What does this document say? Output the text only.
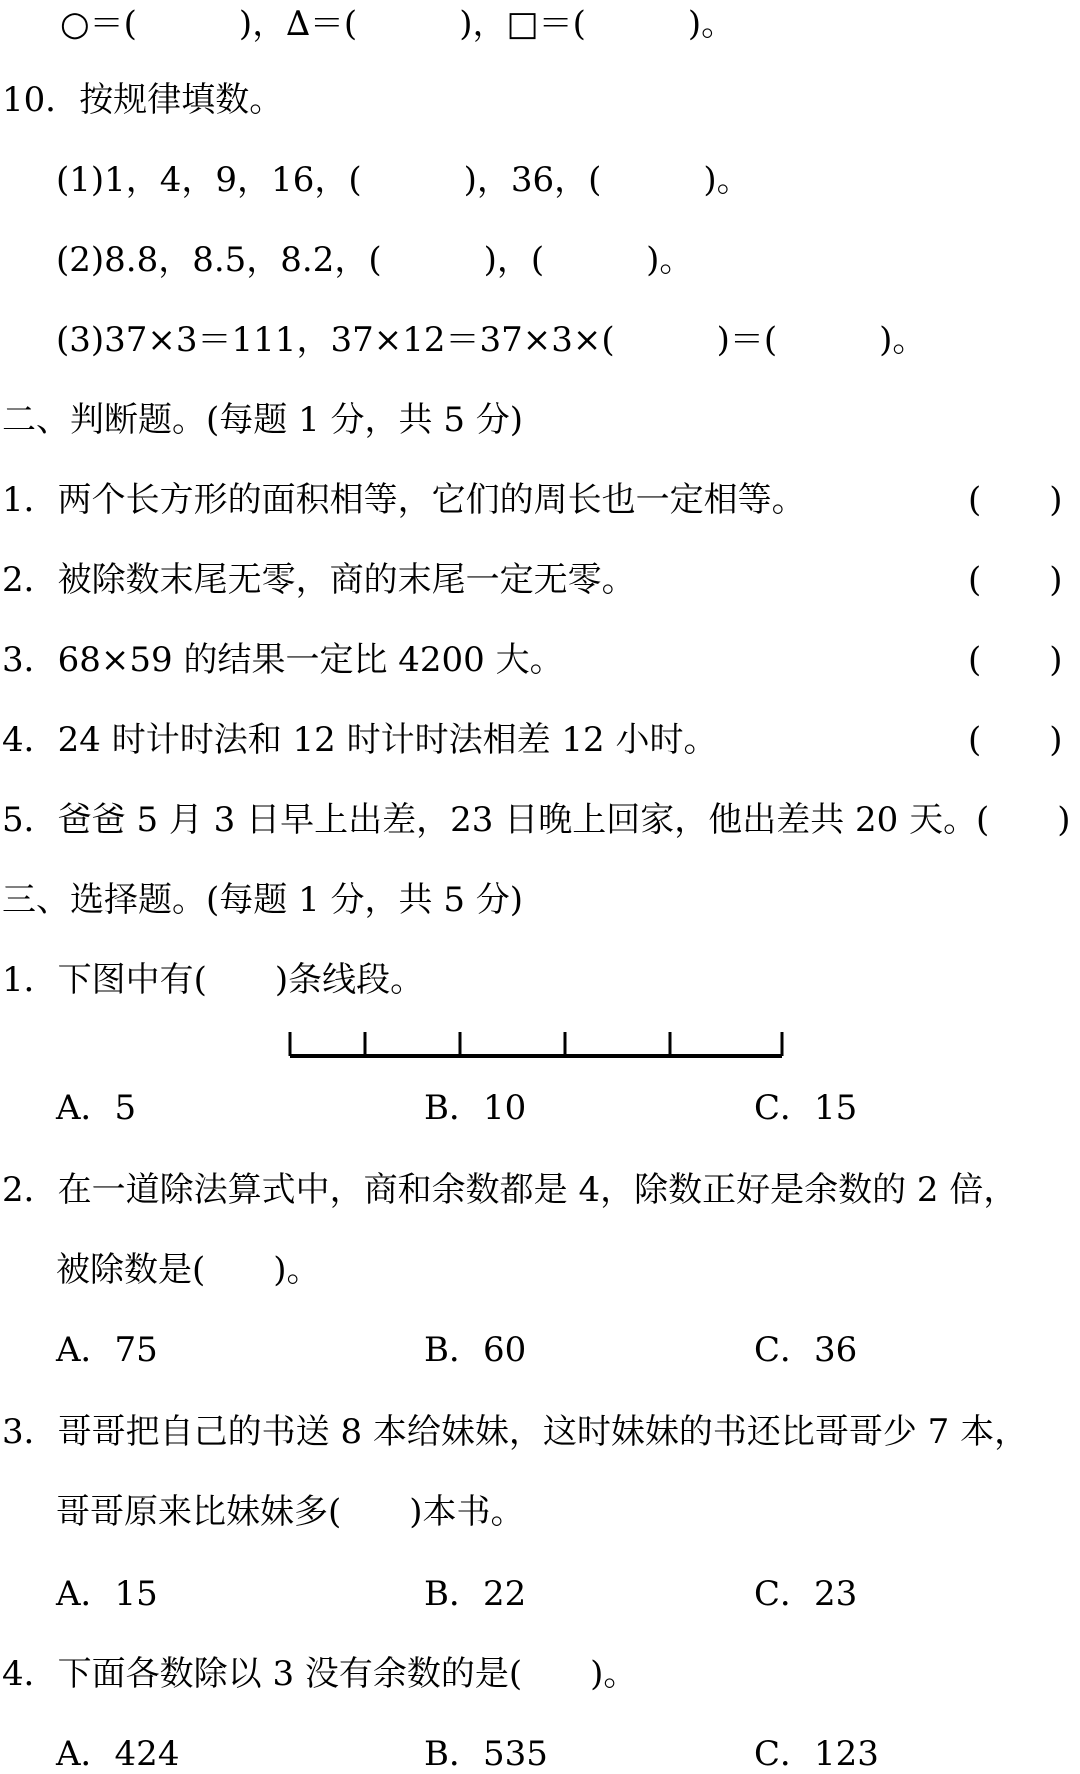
○＝(　　　)，∆＝(　　　)，□＝(　　　)。
10．按规律填数。
(1)1，4，9，16，(　　　)，36，(　　　)。
(2)8.8，8.5，8.2，(　　　)，(　　　)。
(3)37×3＝111，37×12＝37×3×(　　　)＝(　　　)。
二、判断题。(每题 1 分，共 5 分)
1．两个长方形的面积相等，它们的周长也一定相等。	(　　)
2．被除数末尾无零，商的末尾一定无零。	(　　)
3．68×59 的结果一定比 4200 大。	(　　)
4．24 时计时法和 12 时计时法相差 12 小时。	(　　)
5．爸爸 5 月 3 日早上出差，23 日晚上回家，他出差共 20 天。
(　　)
三、选择题。(每题 1 分，共 5 分)
1．下图中有(　　)条线段。
A．5	B．10	C．15
2．在一道除法算式中，商和余数都是 4，除数正好是余数的 2 倍，
被除数是(　　)。
A．75	B．60	C．36
3．哥哥把自己的书送 8 本给妹妹，这时妹妹的书还比哥哥少 7 本，
哥哥原来比妹妹多(　　)本书。
A．15	B．22	C．23
4．下面各数除以 3 没有余数的是(　　)。
A．424	B．535	C．123
